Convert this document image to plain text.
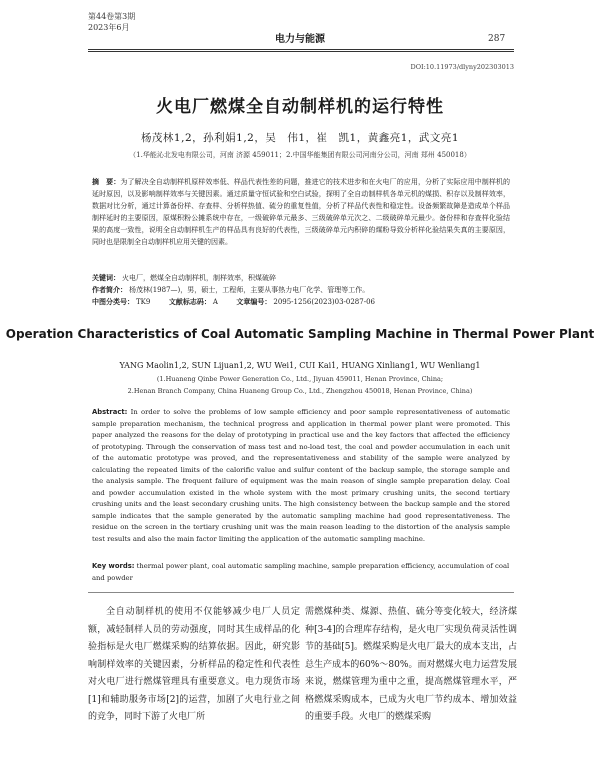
第44卷第3期
2023年6月
电力与能源	287
DOI:10.11973/dlyny202303013
火电厂燃煤全自动制样机的运行特性
杨茂林1,2，孙利娟1,2，吴　伟1，崔　凯1，黄鑫亮1，武文亮1
（1.华能沁北发电有限公司，河南 济源 459011；2.中国华能集团有限公司河南分公司，河南 郑州 450018）
摘　要：为了解决全自动制样机原样效率低、样品代表性差的问题，推进它的技术进步和在火电厂的应用，分析了实际应用中制样机的延时原因，以及影响制样效率与关键因素。通过质量守恒试验和空白试验，探明了全自动制样机各单元机的煤损、积存以及制样效率，数据对比分析，通过计算备份样、存查样、分析样热值、硫分的重复性值，分析了样品代表性和稳定性。设备频繁故障是造成单个样品制样延时的主要原因，原煤积粉公摊系统中存在，一级破碎单元最多、三级破碎单元次之、二级破碎单元最少。备份样和存查样化验结果的高度一致性，说明全自动制样机生产的样品具有良好的代表性，三级破碎单元内积碎的煤粉导致分析样化验结果失真的主要原因，同时也是限制全自动制样机应用关键的因素。
关键词： 火电厂，燃煤全自动制样机，制样效率，积煤破碎
作者简介： 杨茂林(1987—)，男，硕士，工程师，主要从事热力电厂化学、管理等工作。
中图分类号： TK9	文献标志码： A	文章编号： 2095-1256(2023)03-0287-06
Operation Characteristics of Coal Automatic Sampling Machine in Thermal Power Plant
YANG Maolin1,2, SUN Lijuan1,2, WU Wei1, CUI Kai1, HUANG Xinliang1, WU Wenliang1
(1.Huaneng Qinbe Power Generation Co., Ltd., Jiyuan 459011, Henan Province, China;
2.Henan Branch Company, China Huaneng Group Co., Ltd., Zhengzhou 450018, Henan Province, China)
Abstract: In order to solve the problems of low sample efficiency and poor sample representativeness of automatic sample preparation mechanism, the technical progress and application in thermal power plant were promoted. This paper analyzed the reasons for the delay of prototyping in practical use and the key factors that affected the efficiency of prototyping. Through the conservation of mass test and no-load test, the coal and powder accumulation in each unit of the automatic prototype was proved, and the representativeness and stability of the sample were analyzed by calculating the repeated limits of the calorific value and sulfur content of the backup sample, the storage sample and the analysis sample. The frequent failure of equipment was the main reason of single sample preparation delay. Coal and powder accumulation existed in the whole system with the most primary crushing units, the second tertiary crushing units and the least secondary crushing units. The high consistency between the backup sample and the stored sample indicates that the sample generated by the automatic sampling machine had good representativeness. The residue on the screen in the tertiary crushing unit was the main reason leading to the distortion of the analysis sample test results and also the main factor limiting the application of the automatic sampling machine.
Key words: thermal power plant, coal automatic sampling machine, sample preparation efficiency, accumulation of coal and powder
全自动制样机的使用不仅能够减少电厂人员定额，减轻制样人员的劳动强度，同时其生成样品的化验指标是火电厂燃煤采购的结算依据。因此，研究影响制样效率的关键因素，分析样品的稳定性和代表性对火电厂进行燃煤管理具有重要意义。电力现货市场[1]和辅助服务市场[2]的运营，加剧了火电行业之间的竞争，同时下游了火电厂所
需燃煤种类、煤源、热值、硫分等变化较大，经济煤种[3-4]的合理库存结构，是火电厂实现负荷灵活性调节的基础[5]。燃煤采购是火电厂最大的成本支出，占总生产成本的60%～80%。而对燃煤火电力运营发展来说，燃煤管理为重中之重，提高燃煤管理水平，严格燃煤采购成本，已成为火电厂节约成本、增加效益的重要手段。火电厂的燃煤采购
